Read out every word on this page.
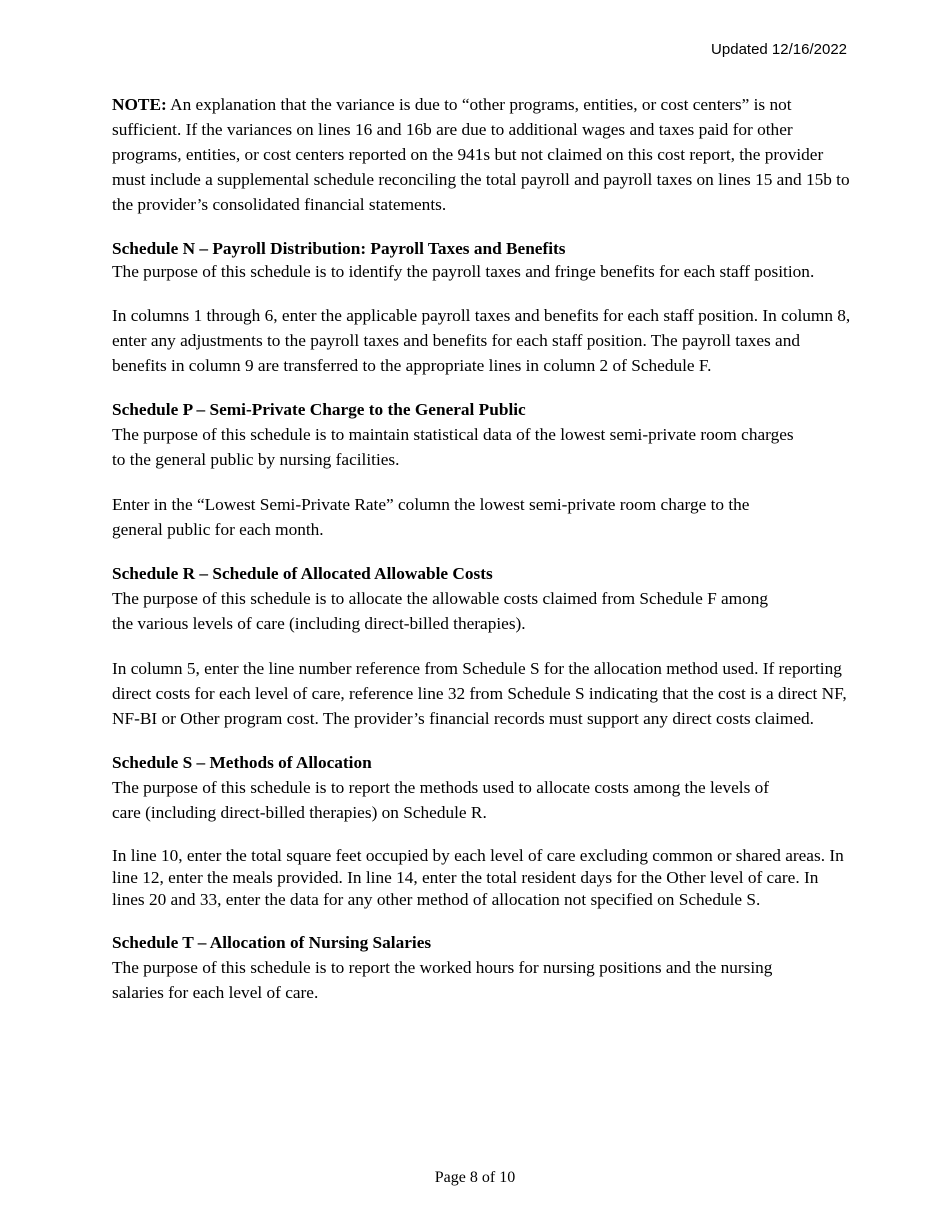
Updated 12/16/2022

NOTE: An explanation that the variance is due to “other programs, entities, or cost centers” is not sufficient. If the variances on lines 16 and 16b are due to additional wages and taxes paid for other programs, entities, or cost centers reported on the 941s but not claimed on this cost report, the provider must include a supplemental schedule reconciling the total payroll and payroll taxes on lines 15 and 15b to the provider’s consolidated financial statements.

Schedule N – Payroll Distribution: Payroll Taxes and Benefits

The purpose of this schedule is to identify the payroll taxes and fringe benefits for each staff position.

In columns 1 through 6, enter the applicable payroll taxes and benefits for each staff position. In column 8, enter any adjustments to the payroll taxes and benefits for each staff position. The payroll taxes and benefits in column 9 are transferred to the appropriate lines in column 2 of Schedule F.

Schedule P – Semi-Private Charge to the General Public

The purpose of this schedule is to maintain statistical data of the lowest semi-private room charges to the general public by nursing facilities.

Enter in the “Lowest Semi-Private Rate” column the lowest semi-private room charge to the general public for each month.

Schedule R – Schedule of Allocated Allowable Costs

The purpose of this schedule is to allocate the allowable costs claimed from Schedule F among the various levels of care (including direct-billed therapies).

In column 5, enter the line number reference from Schedule S for the allocation method used. If reporting direct costs for each level of care, reference line 32 from Schedule S indicating that the cost is a direct NF, NF-BI or Other program cost. The provider’s financial records must support any direct costs claimed.

Schedule S – Methods of Allocation

The purpose of this schedule is to report the methods used to allocate costs among the levels of care (including direct-billed therapies) on Schedule R.

In line 10, enter the total square feet occupied by each level of care excluding common or shared areas. In line 12, enter the meals provided. In line 14, enter the total resident days for the Other level of care. In lines 20 and 33, enter the data for any other method of allocation not specified on Schedule S.

Schedule T – Allocation of Nursing Salaries

The purpose of this schedule is to report the worked hours for nursing positions and the nursing salaries for each level of care.

Page 8 of 10
